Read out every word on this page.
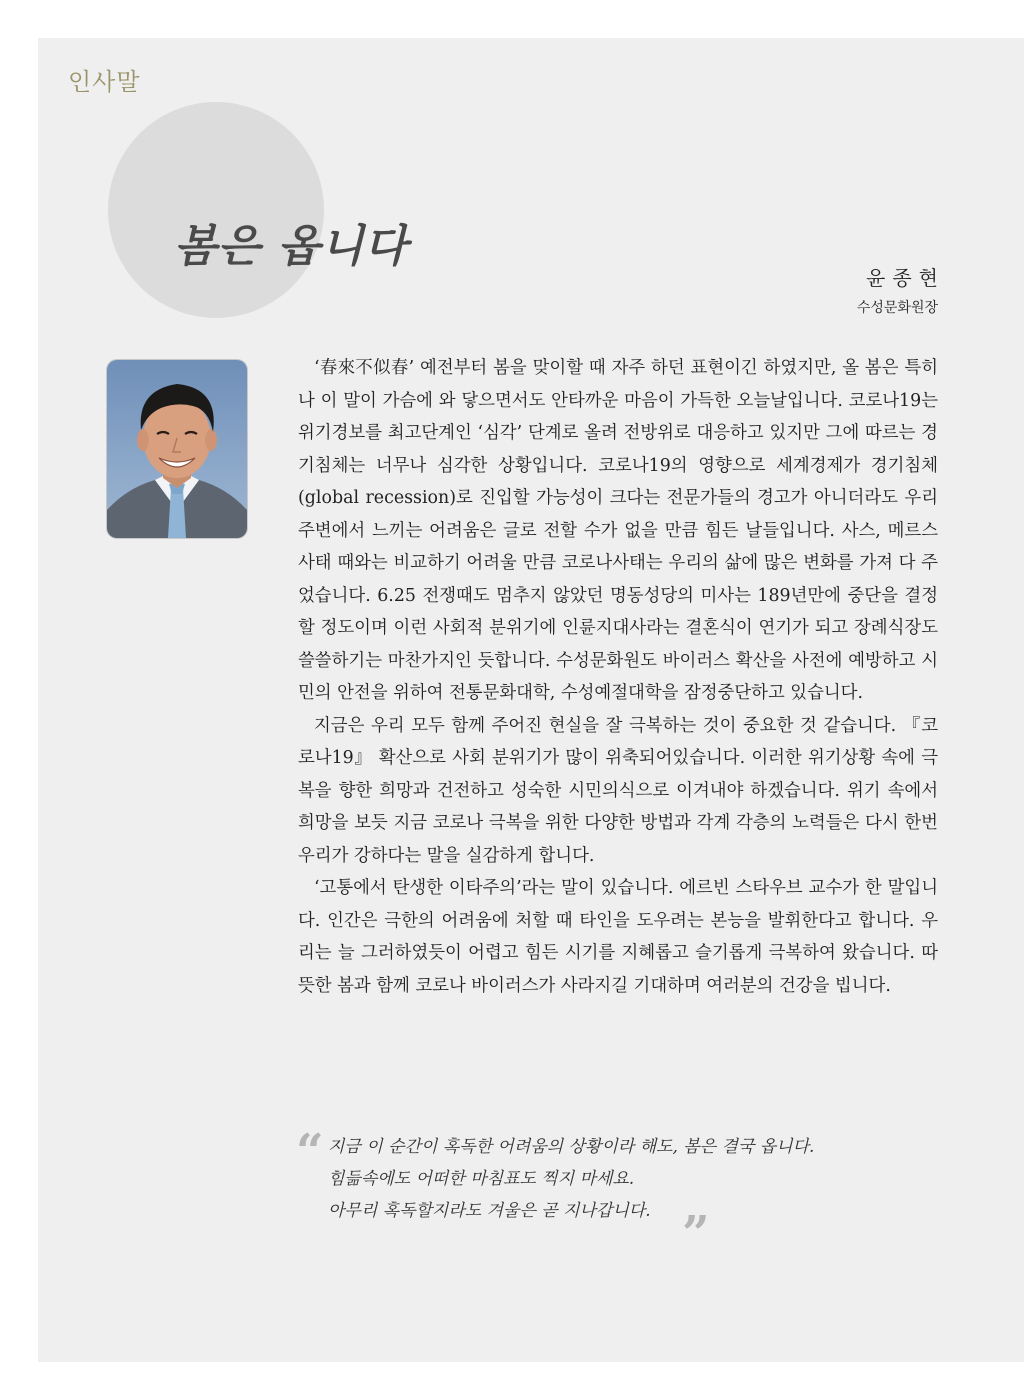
인사말
봄은 옵니다
윤종현
수성문화원장

‘春來不似春’ 예전부터 봄을 맞이할 때 자주 하던 표현이긴 하였지만, 올 봄은 특히나 이 말이 가슴에 와 닿으면서도 안타까운 마음이 가득한 오늘날입니다. 코로나19는 위기경보를 최고단계인 ‘심각’ 단계로 올려 전방위로 대응하고 있지만 그에 따르는 경기침체는 너무나 심각한 상황입니다. 코로나19의 영향으로 세계경제가 경기침체(global recession)로 진입할 가능성이 크다는 전문가들의 경고가 아니더라도 우리 주변에서 느끼는 어려움은 글로 전할 수가 없을 만큼 힘든 날들입니다. 사스, 메르스 사태 때와는 비교하기 어려울 만큼 코로나사태는 우리의 삶에 많은 변화를 가져 다 주었습니다. 6.25 전쟁때도 멈추지 않았던 명동성당의 미사는 189년만에 중단을 결정할 정도이며 이런 사회적 분위기에 인륜지대사라는 결혼식이 연기가 되고 장례식장도 쓸쓸하기는 마찬가지인 듯합니다. 수성문화원도 바이러스 확산을 사전에 예방하고 시민의 안전을 위하여 전통문화대학, 수성예절대학을 잠정중단하고 있습니다.

지금은 우리 모두 함께 주어진 현실을 잘 극복하는 것이 중요한 것 같습니다. 『코로나19』 확산으로 사회 분위기가 많이 위축되어있습니다. 이러한 위기상황 속에 극복을 향한 희망과 건전하고 성숙한 시민의식으로 이겨내야 하겠습니다. 위기 속에서 희망을 보듯 지금 코로나 극복을 위한 다양한 방법과 각계 각층의 노력들은 다시 한번 우리가 강하다는 말을 실감하게 합니다.

‘고통에서 탄생한 이타주의’라는 말이 있습니다. 에르빈 스타우브 교수가 한 말입니다. 인간은 극한의 어려움에 처할 때 타인을 도우려는 본능을 발휘한다고 합니다. 우리는 늘 그러하였듯이 어렵고 힘든 시기를 지혜롭고 슬기롭게 극복하여 왔습니다. 따뜻한 봄과 함께 코로나 바이러스가 사라지길 기대하며 여러분의 건강을 빕니다.

“ 지금 이 순간이 혹독한 어려움의 상황이라 해도, 봄은 결국 옵니다.
힘듦속에도 어떠한 마침표도 찍지 마세요.
아무리 혹독할지라도 겨울은 곧 지나갑니다. ”
